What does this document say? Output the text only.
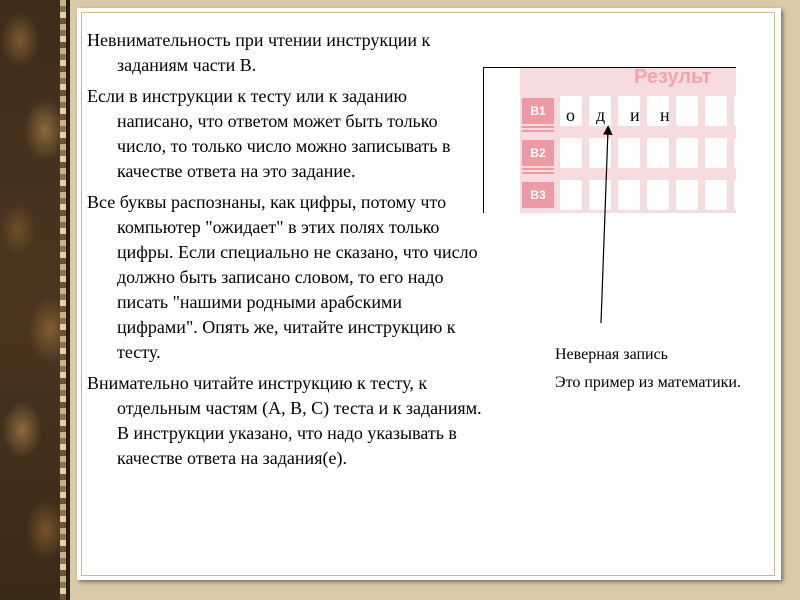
Невнимательность при чтении инструкции к заданиям части В.

Если в инструкции к тесту или к заданию написано, что ответом может быть только число, то только число можно записывать в качестве ответа на это задание.

Все буквы распознаны, как цифры, потому что компьютер "ожидает" в этих полях только цифры. Если специально не сказано, что число должно быть записано словом, то его надо писать "нашими родными арабскими цифрами". Опять же, читайте инструкцию к тесту.

Внимательно читайте инструкцию к тесту, к отдельным частям (А, В, С) теста и к заданиям. В инструкции указано, что надо указывать в качестве ответа на задания(е).

Результ
B1
B2
B3
о д и н
Неверная запись
Это пример из математики.
